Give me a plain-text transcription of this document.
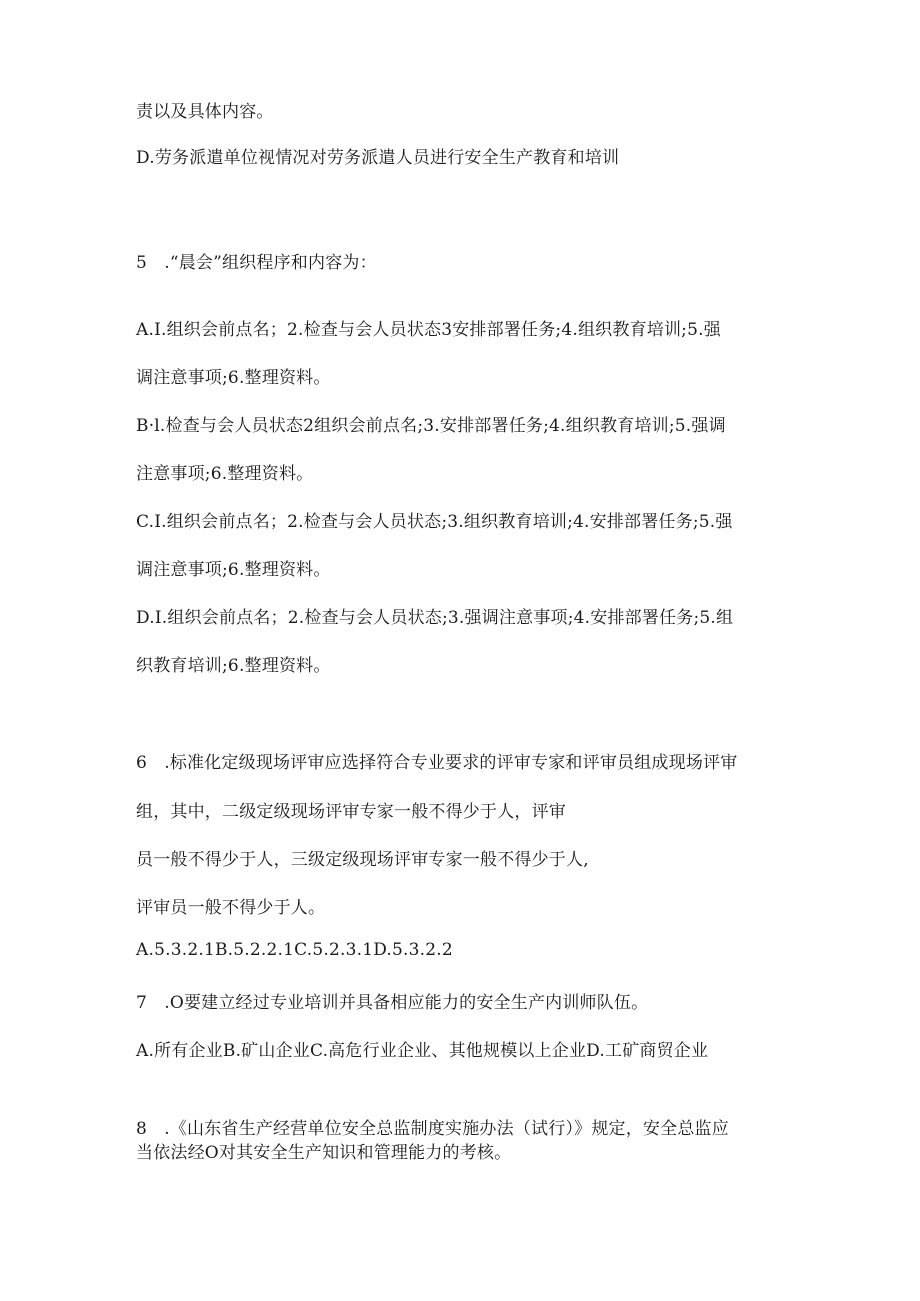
责以及具体内容。
D.劳务派遣单位视情况对劳务派遣人员进行安全生产教育和培训
5　.“晨会”组织程序和内容为：
A.I.组织会前点名；2.检查与会人员状态3安排部署任务;4.组织教育培训;5.强
调注意事项;6.整理资料。
B·l.检查与会人员状态2组织会前点名;3.安排部署任务;4.组织教育培训;5.强调
注意事项;6.整理资料。
C.I.组织会前点名；2.检查与会人员状态;3.组织教育培训;4.安排部署任务;5.强
调注意事项;6.整理资料。
D.I.组织会前点名；2.检查与会人员状态;3.强调注意事项;4.安排部署任务;5.组
织教育培训;6.整理资料。
6　.标准化定级现场评审应选择符合专业要求的评审专家和评审员组成现场评审
组，其中，二级定级现场评审专家一般不得少于人，评审
员一般不得少于人，三级定级现场评审专家一般不得少于人,
评审员一般不得少于人。
A.5.3.2.1B.5.2.2.1C.5.2.3.1D.5.3.2.2
7　.O要建立经过专业培训并具备相应能力的安全生产内训师队伍。
A.所有企业B.矿山企业C.高危行业企业、其他规模以上企业D.工矿商贸企业
8　.《山东省生产经营单位安全总监制度实施办法（试行）》规定，安全总监应
当依法经O对其安全生产知识和管理能力的考核。
